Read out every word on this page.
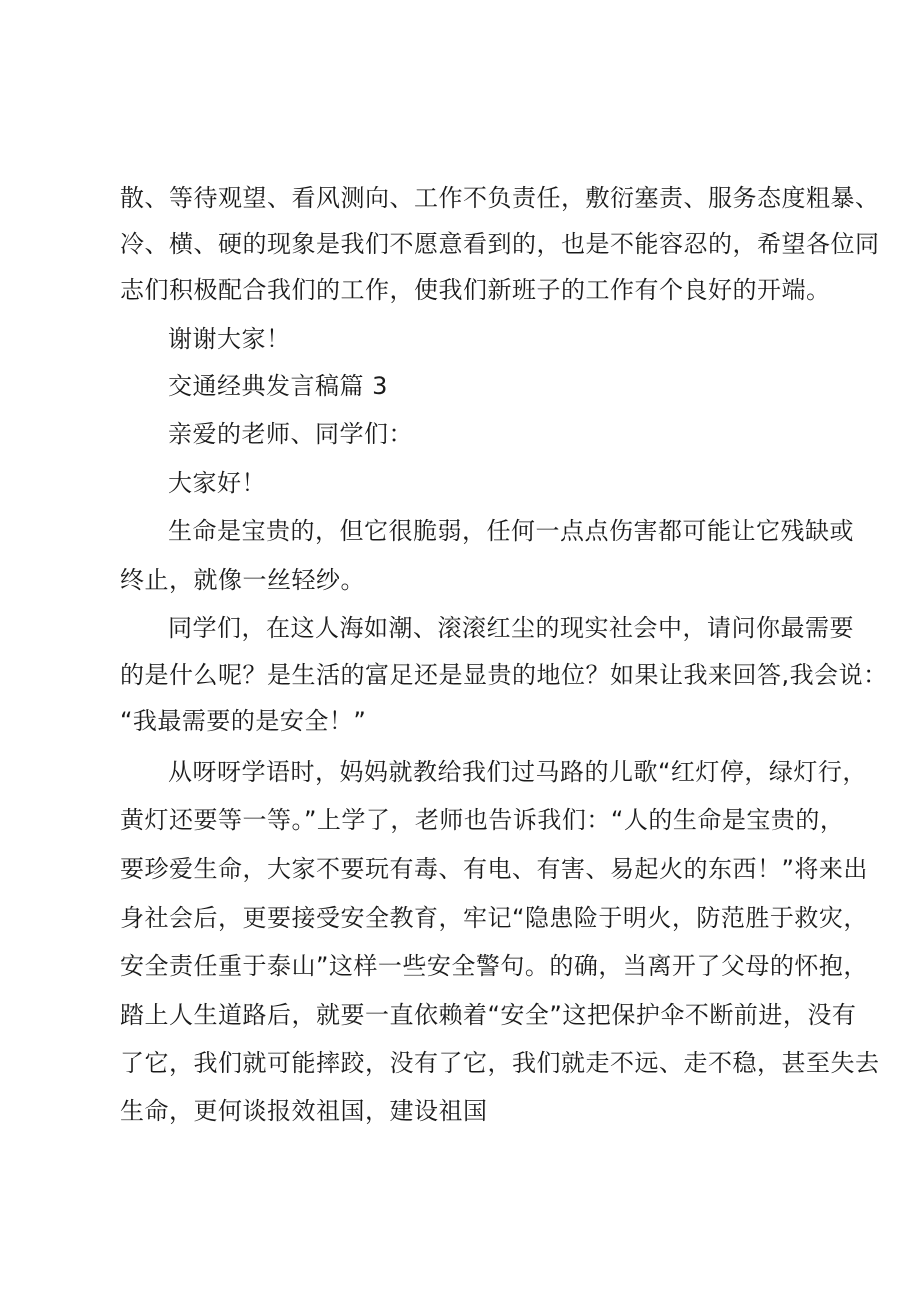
散、等待观望、看风测向、工作不负责任，敷衍塞责、服务态度粗暴、
冷、横、硬的现象是我们不愿意看到的，也是不能容忍的，希望各位同
志们积极配合我们的工作，使我们新班子的工作有个良好的开端。
谢谢大家！
交通经典发言稿篇 3
亲爱的老师、同学们：
大家好！
生命是宝贵的，但它很脆弱，任何一点点伤害都可能让它残缺或
终止，就像一丝轻纱。
同学们，在这人海如潮、滚滚红尘的现实社会中，请问你最需要
的是什么呢？是生活的富足还是显贵的地位？如果让我来回答,我会说：
“我最需要的是安全！”
从呀呀学语时，妈妈就教给我们过马路的儿歌“红灯停，绿灯行，
黄灯还要等一等。”上学了，老师也告诉我们：“人的生命是宝贵的，
要珍爱生命，大家不要玩有毒、有电、有害、易起火的东西！”将来出
身社会后，更要接受安全教育，牢记“隐患险于明火，防范胜于救灾，
安全责任重于泰山”这样一些安全警句。的确，当离开了父母的怀抱，
踏上人生道路后，就要一直依赖着“安全”这把保护伞不断前进，没有
了它，我们就可能摔跤，没有了它，我们就走不远、走不稳，甚至失去
生命，更何谈报效祖国，建设祖国
